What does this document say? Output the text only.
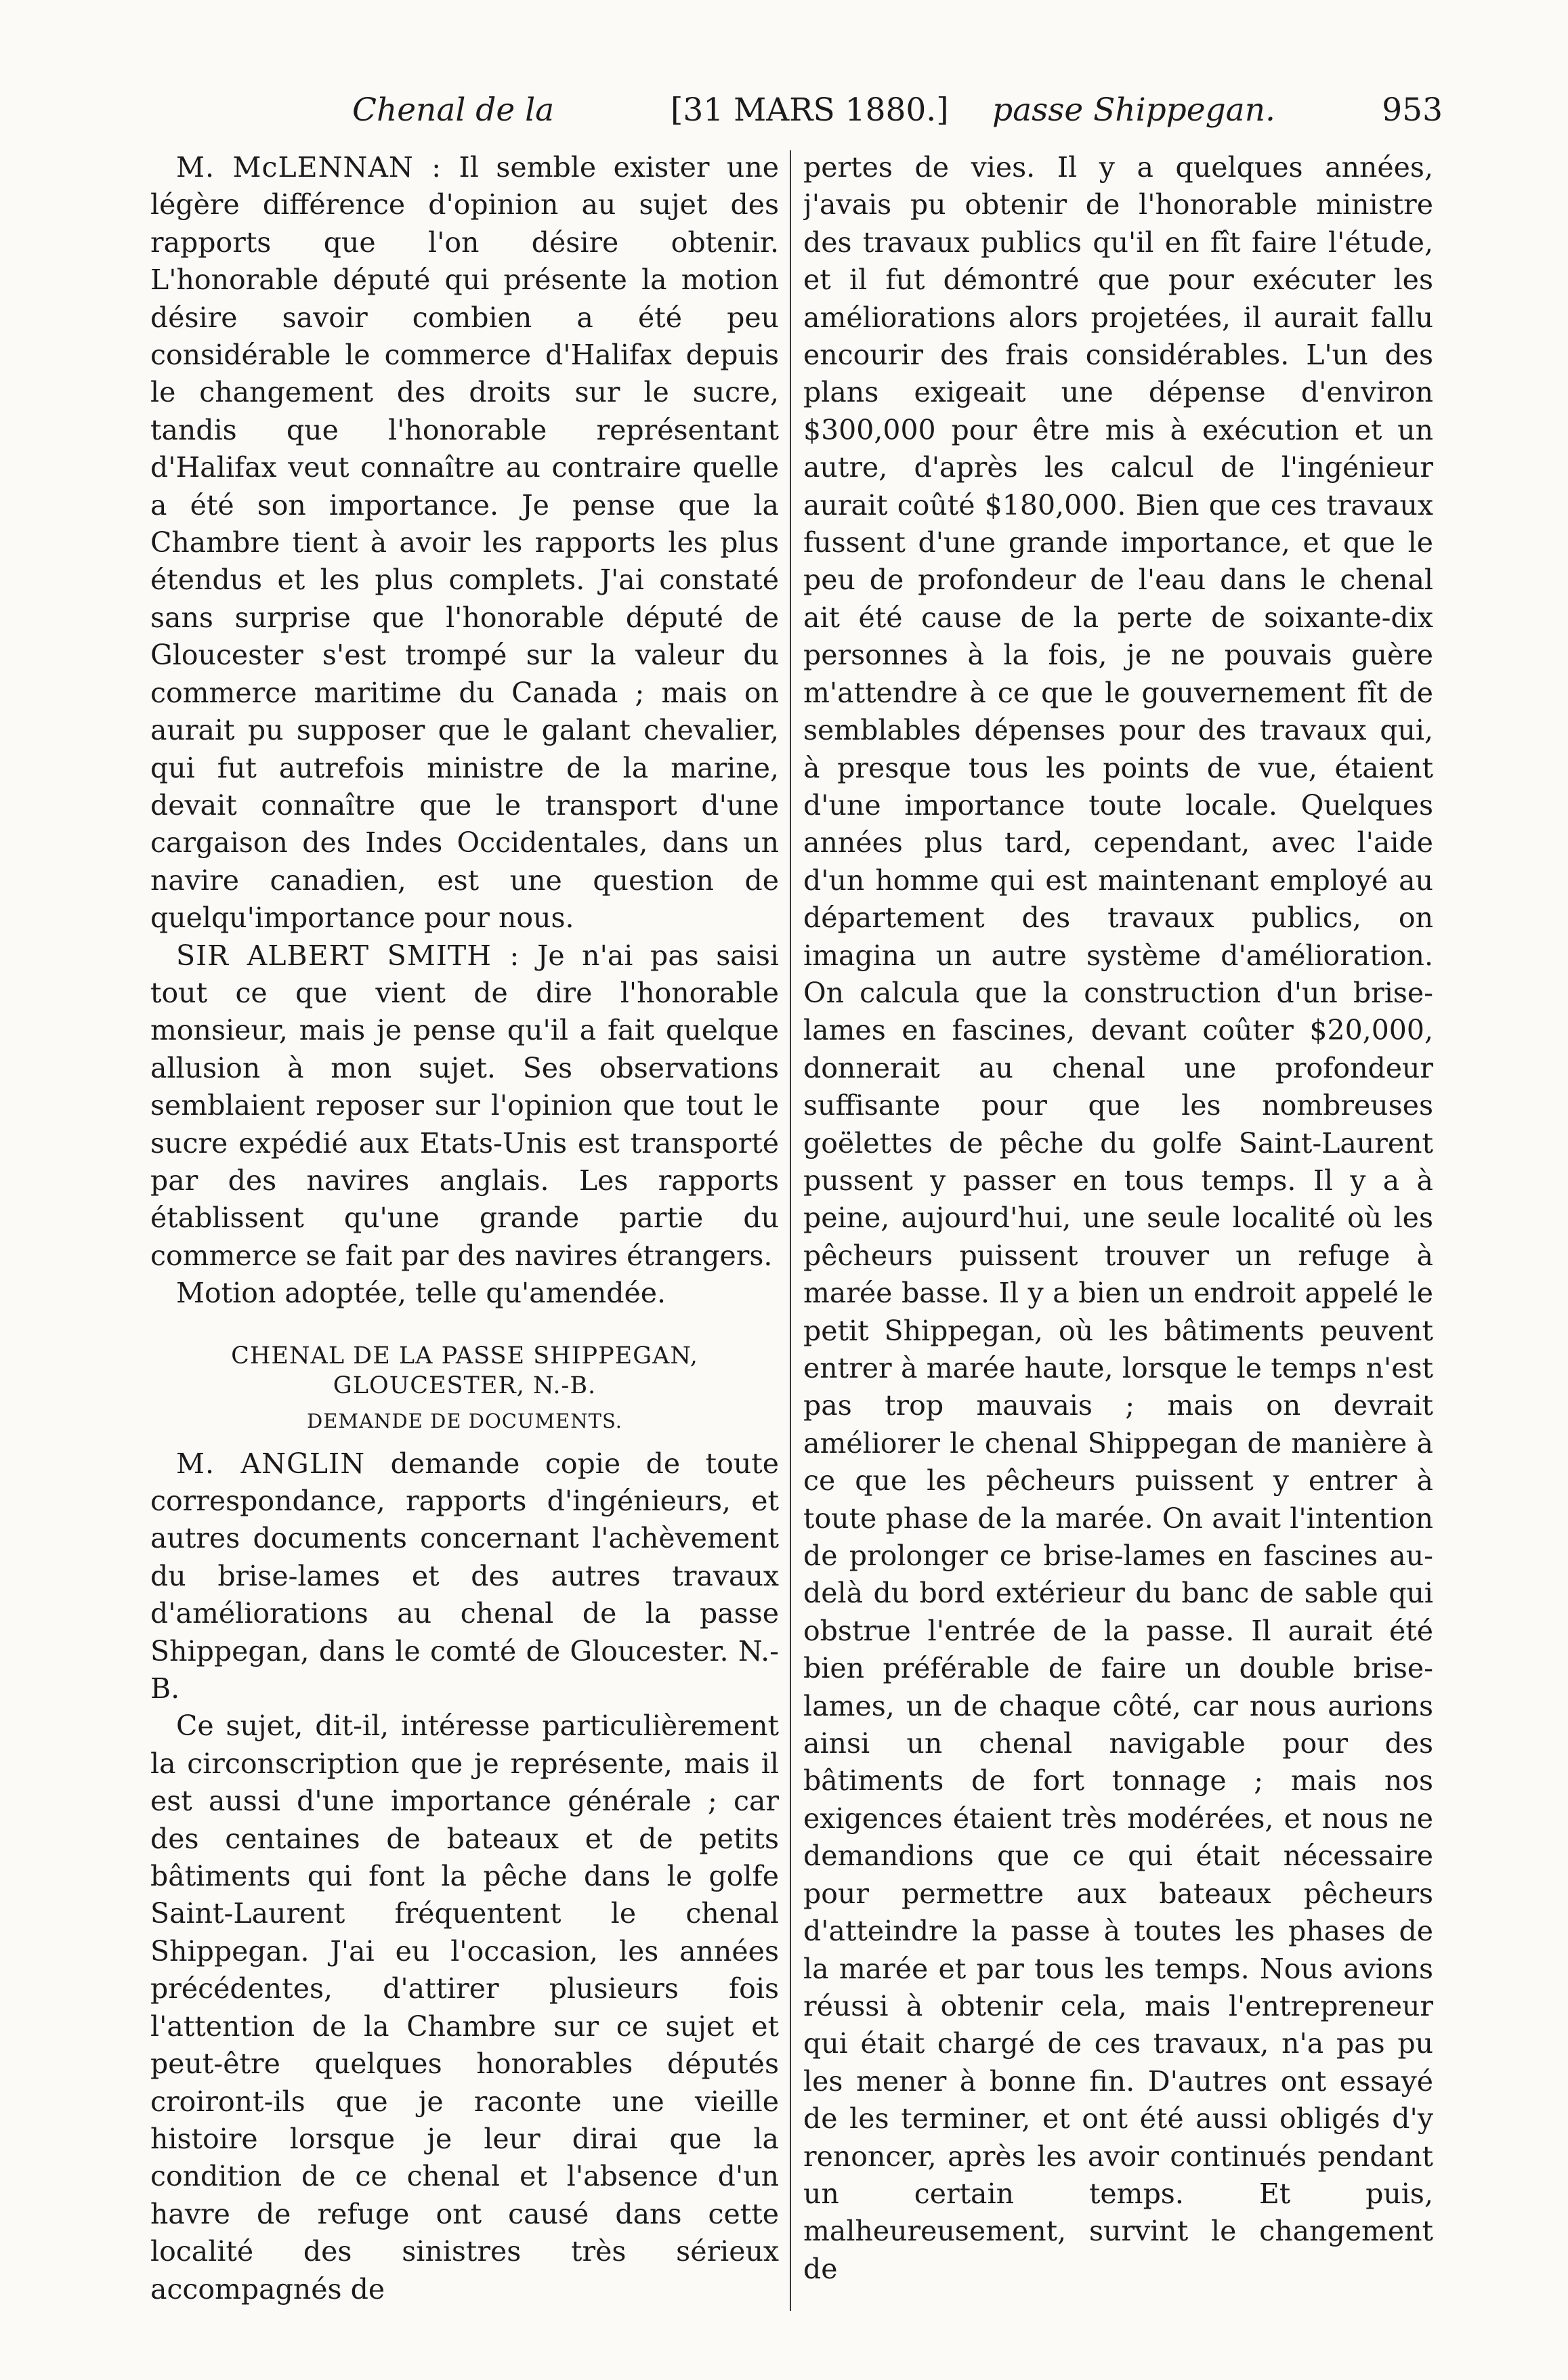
Chenal de la	[31 MARS 1880.] passe Shippegan.	953

M. McLENNAN : Il semble exister une légère différence d'opinion au sujet des rapports que l'on désire obtenir. L'honorable député qui présente la motion désire savoir combien a été peu considérable le commerce d'Halifax depuis le changement des droits sur le sucre, tandis que l'honorable représentant d'Halifax veut connaître au contraire quelle a été son importance. Je pense que la Chambre tient à avoir les rapports les plus étendus et les plus complets. J'ai constaté sans surprise que l'honorable député de Gloucester s'est trompé sur la valeur du commerce maritime du Canada ; mais on aurait pu supposer que le galant chevalier, qui fut autrefois ministre de la marine, devait connaître que le transport d'une cargaison des Indes Occidentales, dans un navire canadien, est une question de quelqu'importance pour nous.

SIR ALBERT SMITH : Je n'ai pas saisi tout ce que vient de dire l'honorable monsieur, mais je pense qu'il a fait quelque allusion à mon sujet. Ses observations semblaient reposer sur l'opinion que tout le sucre expédié aux Etats-Unis est transporté par des navires anglais. Les rapports établissent qu'une grande partie du commerce se fait par des navires étrangers.

Motion adoptée, telle qu'amendée.

CHENAL DE LA PASSE SHIPPEGAN, GLOUCESTER, N.-B.

DEMANDE DE DOCUMENTS.

M. ANGLIN demande copie de toute correspondance, rapports d'ingénieurs, et autres documents concernant l'achèvement du brise-lames et des autres travaux d'améliorations au chenal de la passe Shippegan, dans le comté de Gloucester. N.-B.

Ce sujet, dit-il, intéresse particulièrement la circonscription que je représente, mais il est aussi d'une importance générale ; car des centaines de bateaux et de petits bâtiments qui font la pêche dans le golfe Saint-Laurent fréquentent le chenal Shippegan. J'ai eu l'occasion, les années précédentes, d'attirer plusieurs fois l'attention de la Chambre sur ce sujet et peut-être quelques honorables députés croiront-ils que je raconte une vieille histoire lorsque je leur dirai que la condition de ce chenal et l'absence d'un havre de refuge ont causé dans cette localité des sinistres très sérieux accompagnés de

pertes de vies. Il y a quelques années, j'avais pu obtenir de l'honorable ministre des travaux publics qu'il en fît faire l'étude, et il fut démontré que pour exécuter les améliorations alors projetées, il aurait fallu encourir des frais considérables. L'un des plans exigeait une dépense d'environ $300,000 pour être mis à exécution et un autre, d'après les calcul de l'ingénieur aurait coûté $180,000. Bien que ces travaux fussent d'une grande importance, et que le peu de profondeur de l'eau dans le chenal ait été cause de la perte de soixante-dix personnes à la fois, je ne pouvais guère m'attendre à ce que le gouvernement fît de semblables dépenses pour des travaux qui, à presque tous les points de vue, étaient d'une importance toute locale. Quelques années plus tard, cependant, avec l'aide d'un homme qui est maintenant employé au département des travaux publics, on imagina un autre système d'amélioration. On calcula que la construction d'un brise-lames en fascines, devant coûter $20,000, donnerait au chenal une profondeur suffisante pour que les nombreuses goëlettes de pêche du golfe Saint-Laurent pussent y passer en tous temps. Il y a à peine, aujourd'hui, une seule localité où les pêcheurs puissent trouver un refuge à marée basse. Il y a bien un endroit appelé le petit Shippegan, où les bâtiments peuvent entrer à marée haute, lorsque le temps n'est pas trop mauvais ; mais on devrait améliorer le chenal Shippegan de manière à ce que les pêcheurs puissent y entrer à toute phase de la marée. On avait l'intention de prolonger ce brise-lames en fascines au-delà du bord extérieur du banc de sable qui obstrue l'entrée de la passe. Il aurait été bien préférable de faire un double brise-lames, un de chaque côté, car nous aurions ainsi un chenal navigable pour des bâtiments de fort tonnage ; mais nos exigences étaient très modérées, et nous ne demandions que ce qui était nécessaire pour permettre aux bateaux pêcheurs d'atteindre la passe à toutes les phases de la marée et par tous les temps. Nous avions réussi à obtenir cela, mais l'entrepreneur qui était chargé de ces travaux, n'a pas pu les mener à bonne fin. D'autres ont essayé de les terminer, et ont été aussi obligés d'y renoncer, après les avoir continués pendant un certain temps. Et puis, malheureusement, survint le changement de
